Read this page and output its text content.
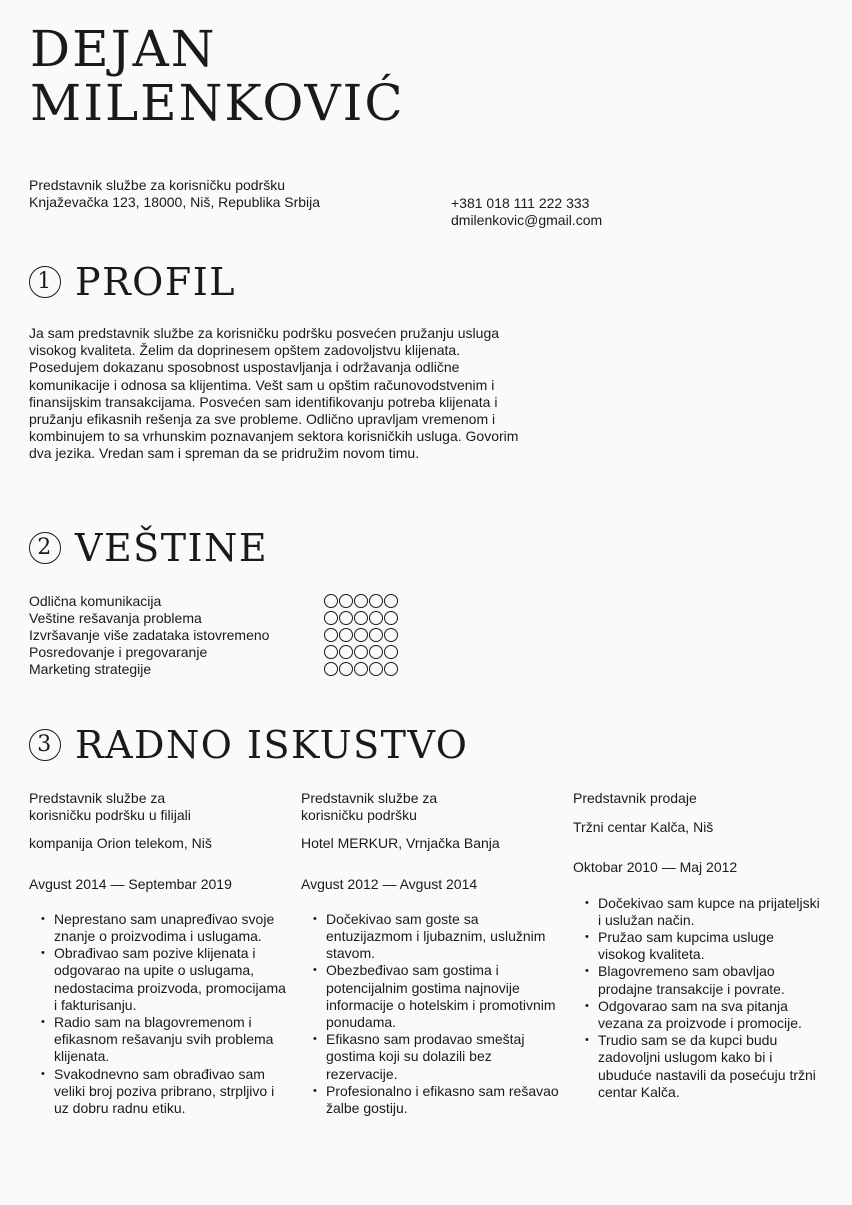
DEJAN
MILENKOVIĆ
Predstavnik službe za korisničku podršku
Knjaževačka 123, 18000, Niš, Republika Srbija	+381 018 111 222 333
dmilenkovic@gmail.com
1 PROFIL

Ja sam predstavnik službe za korisničku podršku posvećen pružanju usluga visokog kvaliteta. Želim da doprinesem opštem zadovoljstvu klijenata. Posedujem dokazanu sposobnost uspostavljanja i održavanja odlične komunikacije i odnosa sa klijentima. Vešt sam u opštim računovodstvenim i finansijskim transakcijama. Posvećen sam identifikovanju potreba klijenata i pružanju efikasnih rešenja za sve probleme. Odlično upravljam vremenom i kombinujem to sa vrhunskim poznavanjem sektora korisničkih usluga. Govorim dva jezika. Vredan sam i spreman da se pridružim novom timu.

2 VEŠTINE
Odlična komunikacija
Veštine rešavanja problema
Izvršavanje više zadataka istovremeno
Posredovanje i pregovaranje
Marketing strategije
3 RADNO ISKUSTVO
Predstavnik službe za
korisničku podršku u filijali
kompanija Orion telekom, Niš
Avgust 2014 — Septembar 2019
• Neprestano sam unapređivao svoje znanje o proizvodima i uslugama.
• Obrađivao sam pozive klijenata i odgovarao na upite o uslugama, nedostacima proizvoda, promocijama i fakturisanju.
• Radio sam na blagovremenom i efikasnom rešavanju svih problema klijenata.
• Svakodnevno sam obrađivao sam veliki broj poziva pribrano, strpljivo i uz dobru radnu etiku.
Predstavnik službe za
korisničku podršku
Hotel MERKUR, Vrnjačka Banja
Avgust 2012 — Avgust 2014
• Dočekivao sam goste sa entuzijazmom i ljubaznim, uslužnim stavom.
• Obezbeđivao sam gostima i potencijalnim gostima najnovije informacije o hotelskim i promotivnim ponudama.
• Efikasno sam prodavao smeštaj gostima koji su dolazili bez rezervacije.
• Profesionalno i efikasno sam rešavao žalbe gostiju.
Predstavnik prodaje
Tržni centar Kalča, Niš
Oktobar 2010 — Maj 2012
• Dočekivao sam kupce na prijateljski i uslužan način.
• Pružao sam kupcima usluge visokog kvaliteta.
• Blagovremeno sam obavljao prodajne transakcije i povrate.
• Odgovarao sam na sva pitanja vezana za proizvode i promocije.
• Trudio sam se da kupci budu zadovoljni uslugom kako bi i ubuduće nastavili da posećuju tržni centar Kalča.
